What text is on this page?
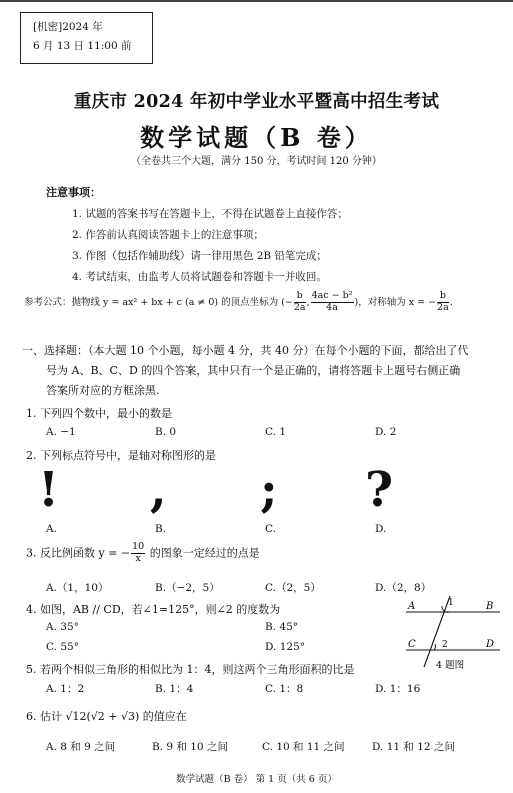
[机密]2024 年
6 月 13 日 11:00 前
重庆市 2024 年初中学业水平暨高中招生考试
数学试题（B 卷）
（全卷共三个大题，满分 150 分，考试时间 120 分钟）
注意事项：
1. 试题的答案书写在答题卡上，不得在试题卷上直接作答；
2. 作答前认真阅读答题卡上的注意事项；
3. 作图（包括作辅助线）请一律用黑色 2B 铅笔完成；
4. 考试结束，由监考人员将试题卷和答题卡一并收回。
参考公式：抛物线 y = ax² + bx + c (a ≠ 0) 的顶点坐标为 (− $\frac{b}{2a}$ , $\frac{\text{4ac − b²}}{4a}$ )，对称轴为 x = − $\frac{b}{2a}$ .
一、选择题：（本大题 10 个小题，每小题 4 分，共 40 分）在每个小题的下面，都给出了代
号为 A、B、C、D 的四个答案，其中只有一个是正确的，请将答题卡上题号右侧正确
答案所对应的方框涂黑.
1. 下列四个数中，最小的数是
A. −1	B. 0	C. 1	D. 2
2. 下列标点符号中，是轴对称图形的是
! , ; ?
A.	B.	C.	D.
3. 反比例函数 y = − $\frac{10}{x}$ 的图象一定经过的点是
A.（1，10）	B.（−2，5）	C.（2，5）	D.（2，8）
4. 如图，AB // CD，若∠1=125°，则∠2 的度数为
A. 35°	B. 45°
C. 55°	D. 125°
A	B
C	D
1
2
4 题图
5. 若两个相似三角形的相似比为 1：4，则这两个三角形面积的比是
A. 1：2	B. 1：4	C. 1：8	D. 1：16
6. 估计 √12(√2 + √3) 的值应在
A. 8 和 9 之间	B. 9 和 10 之间	C. 10 和 11 之间	D. 11 和 12 之间
数学试题（B 卷） 第 1 页（共 6 页）
